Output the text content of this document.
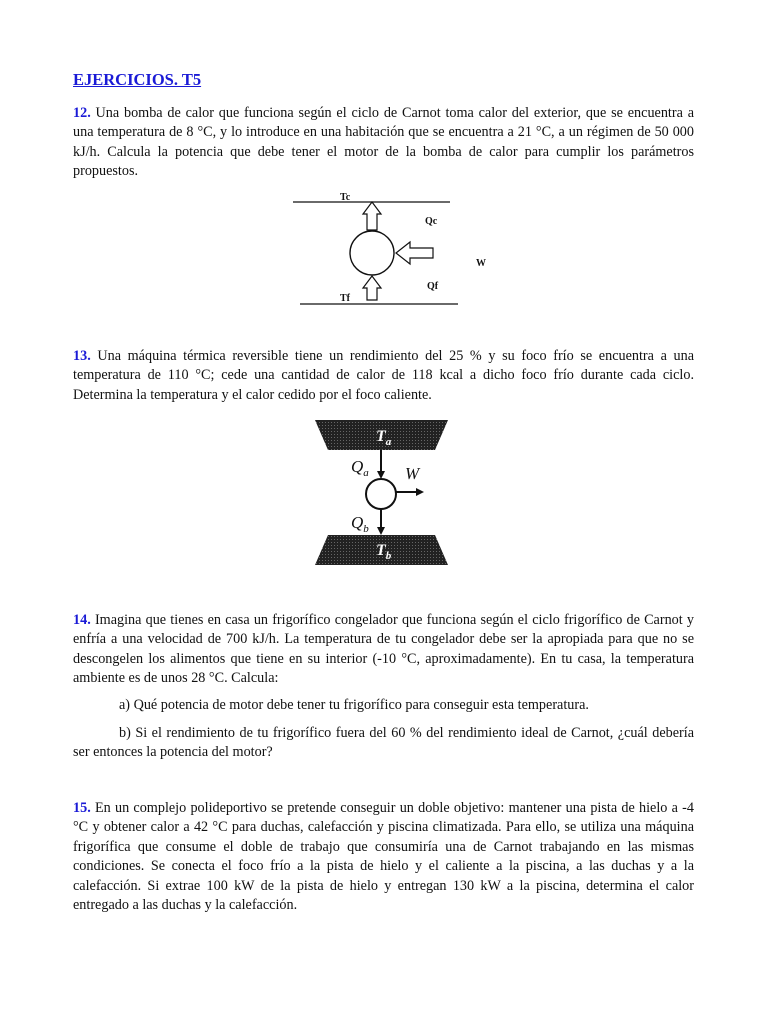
EJERCICIOS. T5

12. Una bomba de calor que funciona según el ciclo de Carnot toma calor del exterior, que se encuentra a una temperatura de 8 °C, y lo introduce en una habitación que se encuentra a 21 °C, a un régimen de 50 000 kJ/h. Calcula la potencia que debe tener el motor de la bomba de calor para cumplir los parámetros propuestos.

Tc
Tf
Qc
Qf
W

13. Una máquina térmica reversible tiene un rendimiento del 25 % y su foco frío se encuentra a una temperatura de 110 °C; cede una cantidad de calor de 118 kcal a dicho foco frío durante cada ciclo. Determina la temperatura y el calor cedido por el foco caliente.

$T_a$
$T_b$
$Q_a$ W
$Q_b$

14. Imagina que tienes en casa un frigorífico congelador que funciona según el ciclo frigorífico de Carnot y enfría a una velocidad de 700 kJ/h. La temperatura de tu congelador debe ser la apropiada para que no se descongelen los alimentos que tiene en su interior (-10 °C, aproximadamente). En tu casa, la temperatura ambiente es de unos 28 °C. Calcula:

a) Qué potencia de motor debe tener tu frigorífico para conseguir esta temperatura.

b) Si el rendimiento de tu frigorífico fuera del 60 % del rendimiento ideal de Carnot, ¿cuál debería ser entonces la potencia del motor?

15. En un complejo polideportivo se pretende conseguir un doble objetivo: mantener una pista de hielo a -4 °C y obtener calor a 42 °C para duchas, calefacción y piscina climatizada. Para ello, se utiliza una máquina frigorífica que consume el doble de trabajo que consumiría una de Carnot trabajando en las mismas condiciones. Se conecta el foco frío a la pista de hielo y el caliente a la piscina, a las duchas y a la calefacción. Si extrae 100 kW de la pista de hielo y entregan 130 kW a la piscina, determina el calor entregado a las duchas y la calefacción.
